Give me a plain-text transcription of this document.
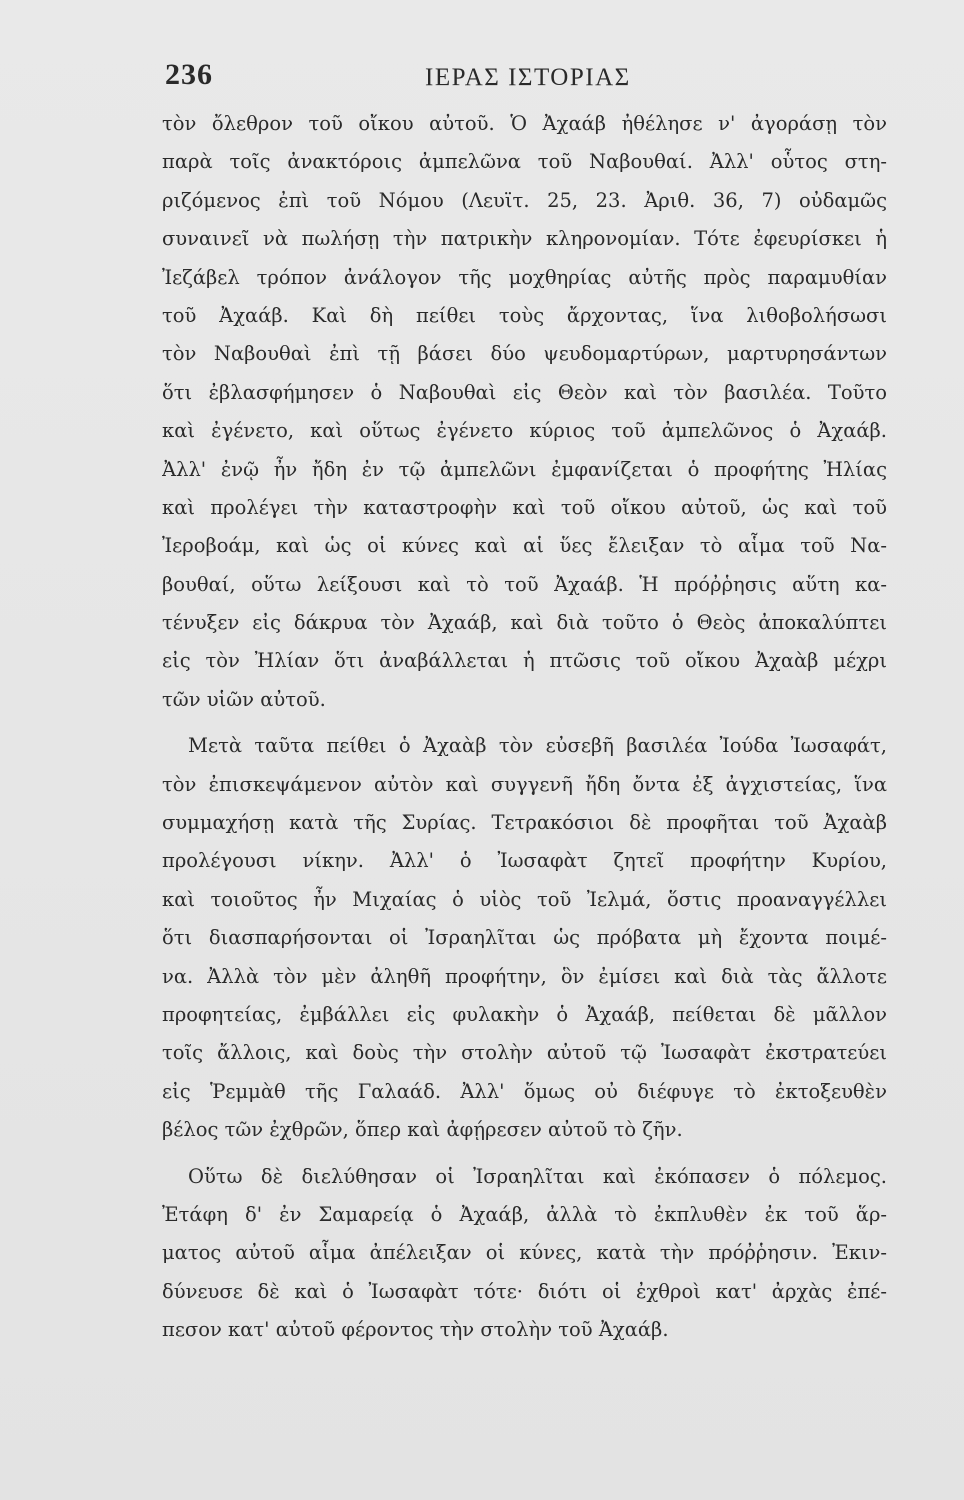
236	ΙΕΡΑΣ ΙΣΤΟΡΙΑΣ
τὸν ὄλεθρον τοῦ οἴκου αὐτοῦ. Ὁ Ἀχαάβ ἠθέλησε ν' ἀγοράσῃ τὸν
παρὰ τοῖς ἀνακτόροις ἀμπελῶνα τοῦ Ναβουθαί. Ἀλλ' οὗτος στη-
ριζόμενος ἐπὶ τοῦ Νόμου (Λευϊτ. 25, 23. Ἀριθ. 36, 7) οὐδαμῶς
συναινεῖ νὰ πωλήσῃ τὴν πατρικὴν κληρονομίαν. Τότε ἐφευρίσκει ἡ
Ἰεζάβελ τρόπον ἀνάλογον τῆς μοχθηρίας αὐτῆς πρὸς παραμυθίαν
τοῦ Ἀχαάβ. Καὶ δὴ πείθει τοὺς ἄρχοντας, ἵνα λιθοβολήσωσι
τὸν Ναβουθαὶ ἐπὶ τῇ βάσει δύο ψευδομαρτύρων, μαρτυρησάντων
ὅτι ἐβλασφήμησεν ὁ Ναβουθαὶ εἰς Θεὸν καὶ τὸν βασιλέα. Τοῦτο
καὶ ἐγένετο, καὶ οὕτως ἐγένετο κύριος τοῦ ἀμπελῶνος ὁ Ἀχαάβ.
Ἀλλ' ἐνῷ ἦν ἤδη ἐν τῷ ἀμπελῶνι ἐμφανίζεται ὁ προφήτης Ἠλίας
καὶ προλέγει τὴν καταστροφὴν καὶ τοῦ οἴκου αὐτοῦ, ὡς καὶ τοῦ
Ἰεροβοάμ, καὶ ὡς οἱ κύνες καὶ αἱ ὕες ἔλειξαν τὸ αἷμα τοῦ Να-
βουθαί, οὕτω λείξουσι καὶ τὸ τοῦ Ἀχαάβ. Ἡ πρόῤῥησις αὕτη κα-
τένυξεν εἰς δάκρυα τὸν Ἀχαάβ, καὶ διὰ τοῦτο ὁ Θεὸς ἀποκαλύπτει
εἰς τὸν Ἠλίαν ὅτι ἀναβάλλεται ἡ πτῶσις τοῦ οἴκου Ἀχαὰβ μέχρι
τῶν υἱῶν αὐτοῦ.
Μετὰ ταῦτα πείθει ὁ Ἀχαὰβ τὸν εὐσεβῆ βασιλέα Ἰούδα Ἰωσαφάτ,
τὸν ἐπισκεψάμενον αὐτὸν καὶ συγγενῆ ἤδη ὄντα ἐξ ἀγχιστείας, ἵνα
συμμαχήσῃ κατὰ τῆς Συρίας. Τετρακόσιοι δὲ προφῆται τοῦ Ἀχαὰβ
προλέγουσι νίκην. Ἀλλ' ὁ Ἰωσαφὰτ ζητεῖ προφήτην Κυρίου,
καὶ τοιοῦτος ἦν Μιχαίας ὁ υἱὸς τοῦ Ἰελμά, ὅστις προαναγγέλλει
ὅτι διασπαρήσονται οἱ Ἰσραηλῖται ὡς πρόβατα μὴ ἔχοντα ποιμέ-
να. Ἀλλὰ τὸν μὲν ἀληθῆ προφήτην, ὃν ἐμίσει καὶ διὰ τὰς ἄλλοτε
προφητείας, ἐμβάλλει εἰς φυλακὴν ὁ Ἀχαάβ, πείθεται δὲ μᾶλλον
τοῖς ἄλλοις, καὶ δοὺς τὴν στολὴν αὐτοῦ τῷ Ἰωσαφὰτ ἐκστρατεύει
εἰς Ῥεμμὰθ τῆς Γαλαάδ. Ἀλλ' ὅμως οὐ διέφυγε τὸ ἐκτοξευθὲν
βέλος τῶν ἐχθρῶν, ὅπερ καὶ ἀφῄρεσεν αὐτοῦ τὸ ζῆν.
Οὕτω δὲ διελύθησαν οἱ Ἰσραηλῖται καὶ ἐκόπασεν ὁ πόλεμος.
Ἐτάφη δ' ἐν Σαμαρείᾳ ὁ Ἀχαάβ, ἀλλὰ τὸ ἐκπλυθὲν ἐκ τοῦ ἅρ-
ματος αὐτοῦ αἷμα ἀπέλειξαν οἱ κύνες, κατὰ τὴν πρόῤῥησιν. Ἐκιν-
δύνευσε δὲ καὶ ὁ Ἰωσαφὰτ τότε· διότι οἱ ἐχθροὶ κατ' ἀρχὰς ἐπέ-
πεσον κατ' αὐτοῦ φέροντος τὴν στολὴν τοῦ Ἀχαάβ.
